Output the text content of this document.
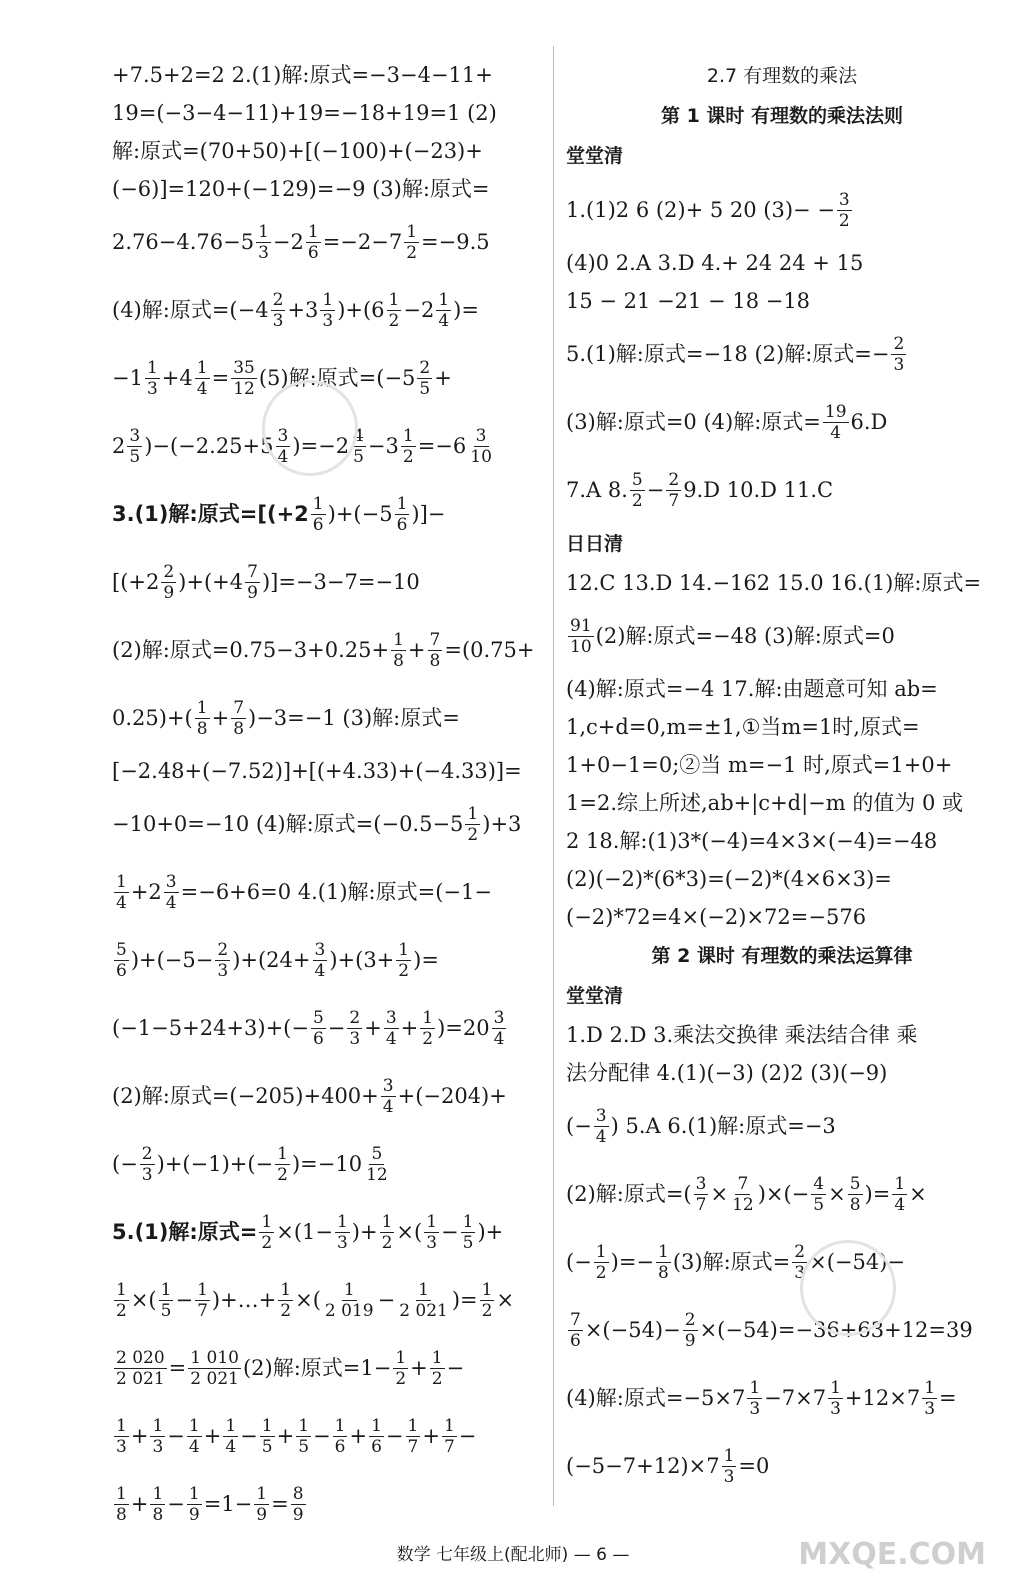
+7.5+2=2 2.(1)解:原式=−3−4−11+
19=(−3−4−11)+19=−18+19=1 (2)
解:原式=(70+50)+[(−100)+(−23)+
(−6)]=120+(−129)=−9 (3)解:原式=
$2.76-4.76-5 \frac{1}{3} -2 \frac{1}{6} =-2-7 \frac{1}{2} =-9.5$
(4)解:原式$=(-4 \frac{2}{3} +3 \frac{1}{3} )+(6 \frac{1}{2} -2 \frac{1}{4}$ )=
$-1 \frac{1}{3} +4 \frac{1}{4} = \frac{35}{12} (5)$解:原式$=(-5 \frac{2}{5}$ +
$2 \frac{3}{5} )-(-2.25+5 \frac{3}{4} )=-2 \frac{4}{5} -3 \frac{1}{2} =-6 \frac{3}{10}$
3.(1)解:原式$=[(+2 \frac{1}{6} )+(-5 \frac{1}{6}$ )]−
$[(+2 \frac{2}{9} )+(+4 \frac{7}{9} )]=-3-7=-10$
(2)解:原式$=0.75-3+0.25+ \frac{1}{8} + \frac{7}{8} =(0.75+$
$0.25)+( \frac{1}{8} + \frac{7}{8} )-3=-1$ (3)解:原式=
[−2.48+(−7.52)]+[(+4.33)+(−4.33)]=
−10+0=−10 (4)解:原式$=(-0.5-5 \frac{1}{2} )+3$
$\frac{1}{4} +2 \frac{3}{4} =-6+6=0$ 4.(1)解:原式=(−1−
$\frac{5}{6} )+(-5- \frac{2}{3} )+(24+ \frac{3}{4} )+(3+ \frac{1}{2}$ )=
$(-1-5+24+3)+(- \frac{5}{6} - \frac{2}{3} + \frac{3}{4} + \frac{1}{2} )=20 \frac{3}{4}$
(2)解:原式$=(-205)+400+ \frac{3}{4} +(-204)+$
(− $\frac{2}{3} )+(-1)+(- \frac{1}{2} )=-10 \frac{5}{12}$
5.(1)解:原式= $\frac{1}{2} \times(1- \frac{1}{3}$ )+ $\frac{1}{2}$ ×( $\frac{1}{3} - \frac{1}{5}$ )+
$\frac{1}{2}$ ×( $\frac{1}{5} - \frac{1}{7}$ )+…+ $\frac{1}{2}$ ×( $\frac{1}{2 019} - \frac{1}{2 021}$ )= $\frac{1}{2}$ ×
$\frac{2 020}{2 021} = \frac{1 010}{2 021} (2)$解:原式$=1- \frac{1}{2} + \frac{1}{2}$ −
$\frac{1}{3} + \frac{1}{3} - \frac{1}{4} + \frac{1}{4} - \frac{1}{5} + \frac{1}{5} - \frac{1}{6} + \frac{1}{6} - \frac{1}{7} + \frac{1}{7}$ −
$\frac{1}{8} + \frac{1}{8} - \frac{1}{9} =1- \frac{1}{9} = \frac{8}{9}$
2.7 有理数的乘法
第 1 课时 有理数的乘法法则
堂堂清
1.(1)2 6 (2)+ 5 20 $(3)- - \frac{3}{2}$
(4)0 2.A 3.D 4.+ 24 24 + 15
15 − 21 −21 − 18 −18
5.(1)解:原式=−18 (2)解:原式=− $\frac{2}{3}$
(3)解:原式=0 (4)解:原式= $\frac{19}{4} 6.D$
7.A 8. $\frac{5}{2} - \frac{2}{7} 9.D$ 10.D 11.C
日日清
12.C 13.D 14.−162 15.0 16.(1)解:原式=
$\frac{91}{10} (2)$解:原式=−48 (3)解:原式=0
(4)解:原式=−4 17.解:由题意可知 ab=
1,c+d=0,m=±1,①当m=1时,原式=
1+0−1=0;②当 m=−1 时,原式=1+0+
1=2.综上所述,ab+|c+d|−m 的值为 0 或
2 18.解:(1)3*(−4)=4×3×(−4)=−48
(2)(−2)*(6*3)=(−2)*(4×6×3)=
(−2)*72=4×(−2)×72=−576
第 2 课时 有理数的乘法运算律
堂堂清
1.D 2.D 3.乘法交换律 乘法结合律 乘
法分配律 4.(1)(−3) (2)2 (3)(−9)
(− $\frac{3}{4}$ ) 5.A 6.(1)解:原式=−3
(2)解:原式=( $\frac{3}{7} \times \frac{7}{12}$ )×(− $\frac{4}{5} \times \frac{5}{8}$ )= $\frac{1}{4}$ ×
(− $\frac{1}{2}$ )=− $\frac{1}{8} (3)$解:原式= $\frac{2}{3} \times(-54)-$
$\frac{7}{6} \times(-54)- \frac{2}{9} \times(-54)=-36+63+12=39$
(4)解:原式$=-5\times 7 \frac{1}{3} -7\times 7 \frac{1}{3} +12\times 7 \frac{1}{3}$ =
$(-5-7+12)\times 7 \frac{1}{3} =0$
数学 七年级上(配北师) — 6 —	MXQE.COM
